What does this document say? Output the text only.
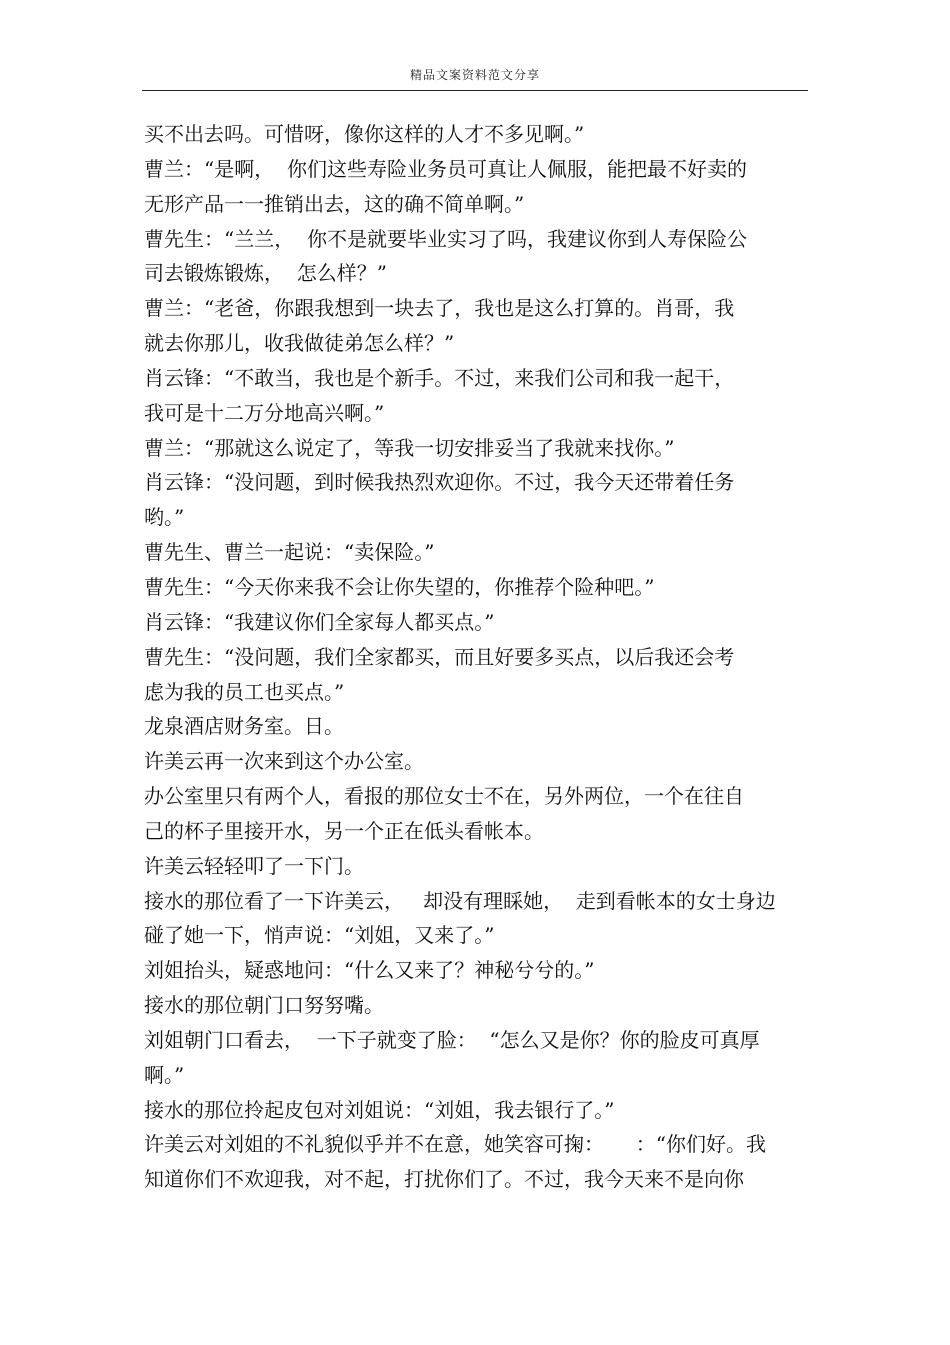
精品文案资料范文分享
买不出去吗。可惜呀，像你这样的人才不多见啊。”
曹兰：“是啊，  你们这些寿险业务员可真让人佩服，能把最不好卖的
无形产品一一推销出去，这的确不简单啊。”
曹先生：“兰兰，  你不是就要毕业实习了吗，我建议你到人寿保险公
司去锻炼锻炼，  怎么样？”
曹兰：“老爸，你跟我想到一块去了，我也是这么打算的。肖哥，我
就去你那儿，收我做徒弟怎么样？”
肖云锋：“不敢当，我也是个新手。不过，来我们公司和我一起干，
我可是十二万分地高兴啊。”
曹兰：“那就这么说定了，等我一切安排妥当了我就来找你。”
肖云锋：“没问题，到时候我热烈欢迎你。不过，我今天还带着任务
哟。”
曹先生、曹兰一起说：“卖保险。”
曹先生：“今天你来我不会让你失望的，你推荐个险种吧。”
肖云锋：“我建议你们全家每人都买点。”
曹先生：“没问题，我们全家都买，而且好要多买点，以后我还会考
虑为我的员工也买点。”
龙泉酒店财务室。日。
许美云再一次来到这个办公室。
办公室里只有两个人，看报的那位女士不在，另外两位，一个在往自
己的杯子里接开水，另一个正在低头看帐本。
许美云轻轻叩了一下门。
接水的那位看了一下许美云，   却没有理睬她，  走到看帐本的女士身边
碰了她一下，悄声说：“刘姐，又来了。”
刘姐抬头，疑惑地问：“什么又来了？神秘兮兮的。”
接水的那位朝门口努努嘴。
刘姐朝门口看去，  一下子就变了脸：  “怎么又是你？你的脸皮可真厚
啊。”
接水的那位拎起皮包对刘姐说：“刘姐，我去银行了。”
许美云对刘姐的不礼貌似乎并不在意，她笑容可掬：     ：“你们好。我
知道你们不欢迎我，对不起，打扰你们了。不过，我今天来不是向你
